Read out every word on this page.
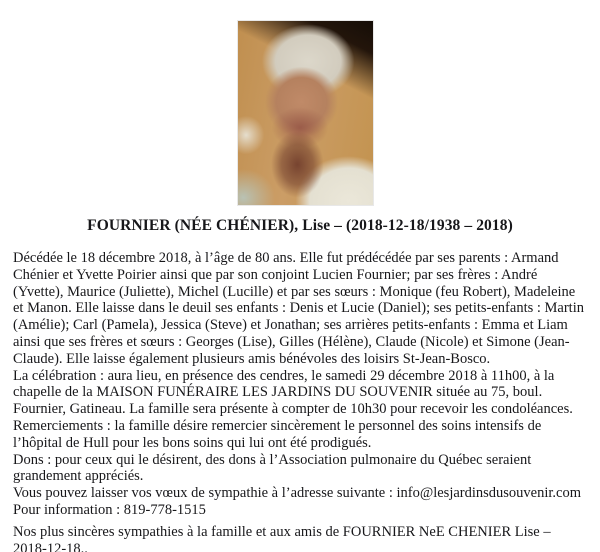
FOURNIER (NÉE CHÉNIER), Lise – (2018-12-18/1938 – 2018)

Décédée le 18 décembre 2018, à l’âge de 80 ans. Elle fut prédécédée par ses parents : Armand Chénier et Yvette Poirier ainsi que par son conjoint Lucien Fournier; par ses frères : André (Yvette), Maurice (Juliette), Michel (Lucille) et par ses sœurs : Monique (feu Robert), Madeleine et Manon. Elle laisse dans le deuil ses enfants : Denis et Lucie (Daniel); ses petits-enfants : Martin (Amélie); Carl (Pamela), Jessica (Steve) et Jonathan; ses arrières petits-enfants : Emma et Liam ainsi que ses frères et sœurs : Georges (Lise), Gilles (Hélène), Claude (Nicole) et Simone (Jean-Claude). Elle laisse également plusieurs amis bénévoles des loisirs St-Jean-Bosco.

La célébration : aura lieu, en présence des cendres, le samedi 29 décembre 2018 à 11h00, à la chapelle de la MAISON FUNÉRAIRE LES JARDINS DU SOUVENIR située au 75, boul. Fournier, Gatineau. La famille sera présente à compter de 10h30 pour recevoir les condoléances.

Remerciements : la famille désire remercier sincèrement le personnel des soins intensifs de l’hôpital de Hull pour les bons soins qui lui ont été prodigués.

Dons : pour ceux qui le désirent, des dons à l’Association pulmonaire du Québec seraient grandement appréciés.

Vous pouvez laisser vos vœux de sympathie à l’adresse suivante : info@lesjardinsdusouvenir.com

Pour information : 819-778-1515

Nos plus sincères sympathies à la famille et aux amis de FOURNIER NeE CHENIER Lise –
2018-12-18..
